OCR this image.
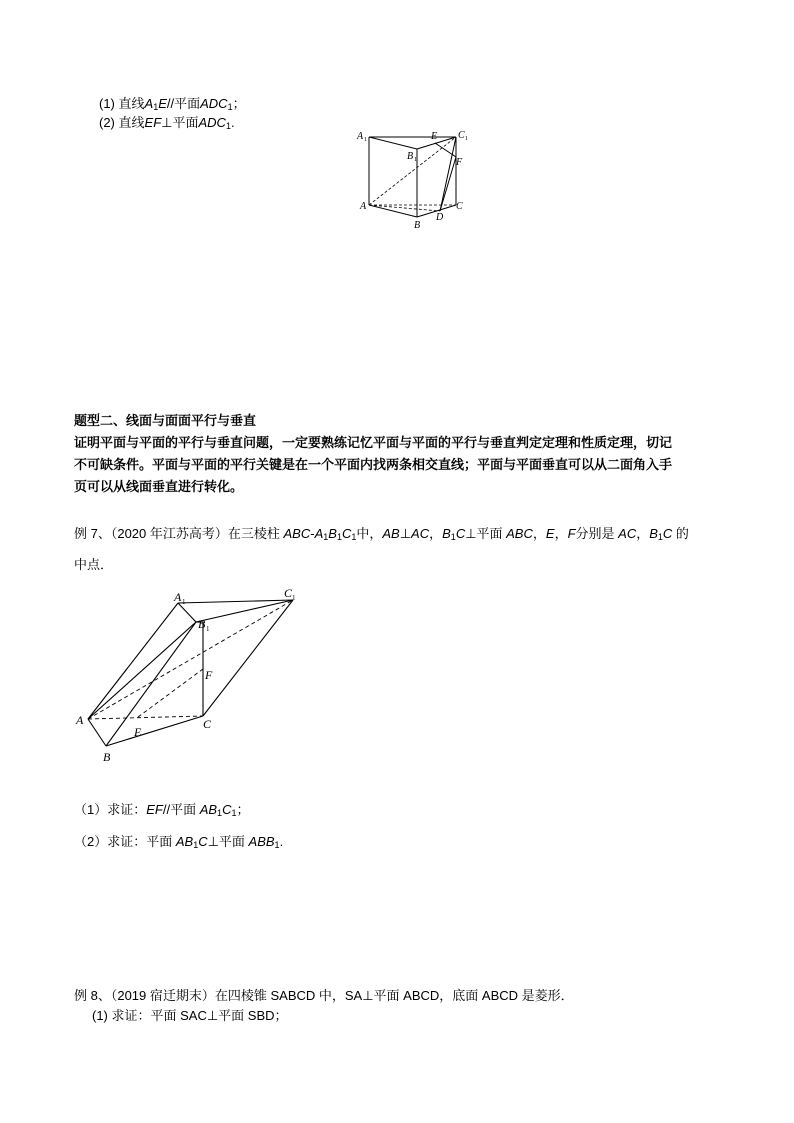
(1) 直线$A_1E//$平面$ADC_1$；
(2) 直线EF⊥平面$ADC_1$.
A 1	E C 1
B 1	F
A	C
D
B
题型二、线面与面面平行与垂直
证明平面与平面的平行与垂直问题，一定要熟练记忆平面与平面的平行与垂直判定定理和性质定理，切记
不可缺条件。平面与平面的平行关键是在一个平面内找两条相交直线；平面与平面垂直可以从二面角入手
页可以从线面垂直进行转化。
例 7、（2020 年江苏高考）在三棱柱 ABC-$A_1B_1C_1$中，AB⊥AC，$B_1C\perp$平面 ABC，E，F分别是 AC，$B_1C$ 的
中点．
A 1
C 1
B 1
F
A
E
C
B
（1）求证：EF//平面 $AB_1C_1$；
（2）求证：平面 $AB_1C\perp$平面 $ABB_1$.
例 8、（2019 宿迁期末）在四棱锥 SABCD 中，SA⊥平面 ABCD，底面 ABCD 是菱形．
(1) 求证：平面 SAC⊥平面 SBD；
